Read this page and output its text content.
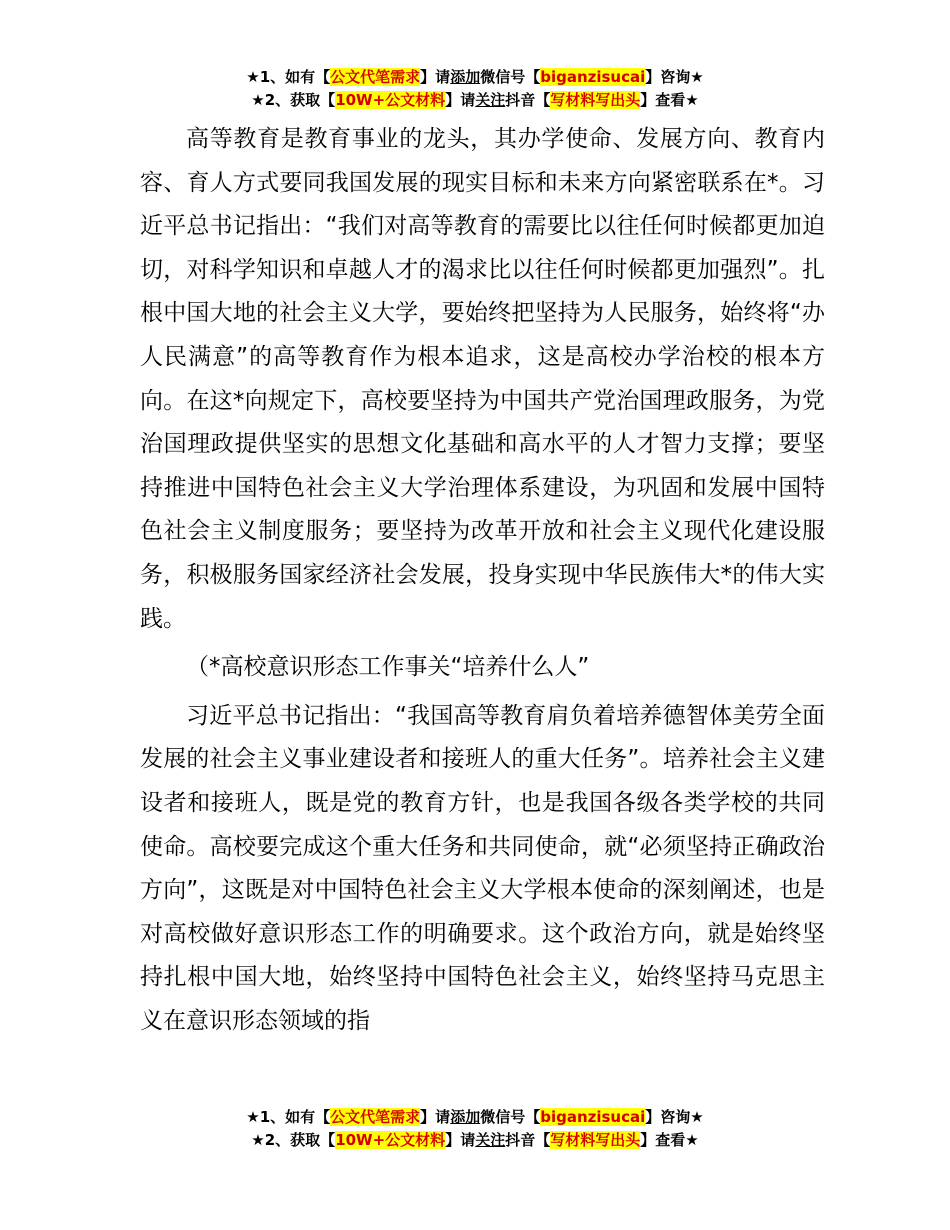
★1、如有【公文代笔需求】请添加微信号【biganzisucai】咨询★
★2、获取【10W+公文材料】请关注抖音【写材料写出头】查看★

高等教育是教育事业的龙头，其办学使命、发展方向、教育内容、育人方式要同我国发展的现实目标和未来方向紧密联系在*。习近平总书记指出：“我们对高等教育的需要比以往任何时候都更加迫切，对科学知识和卓越人才的渴求比以往任何时候都更加强烈”。扎根中国大地的社会主义大学，要始终把坚持为人民服务，始终将“办人民满意”的高等教育作为根本追求，这是高校办学治校的根本方向。在这*向规定下，高校要坚持为中国共产党治国理政服务，为党治国理政提供坚实的思想文化基础和高水平的人才智力支撑；要坚持推进中国特色社会主义大学治理体系建设，为巩固和发展中国特色社会主义制度服务；要坚持为改革开放和社会主义现代化建设服务，积极服务国家经济社会发展，投身实现中华民族伟大*的伟大实践。

（*高校意识形态工作事关“培养什么人”

习近平总书记指出：“我国高等教育肩负着培养德智体美劳全面发展的社会主义事业建设者和接班人的重大任务”。培养社会主义建设者和接班人，既是党的教育方针，也是我国各级各类学校的共同使命。高校要完成这个重大任务和共同使命，就“必须坚持正确政治方向”，这既是对中国特色社会主义大学根本使命的深刻阐述，也是对高校做好意识形态工作的明确要求。这个政治方向，就是始终坚持扎根中国大地，始终坚持中国特色社会主义，始终坚持马克思主义在意识形态领域的指

★1、如有【公文代笔需求】请添加微信号【biganzisucai】咨询★
★2、获取【10W+公文材料】请关注抖音【写材料写出头】查看★
